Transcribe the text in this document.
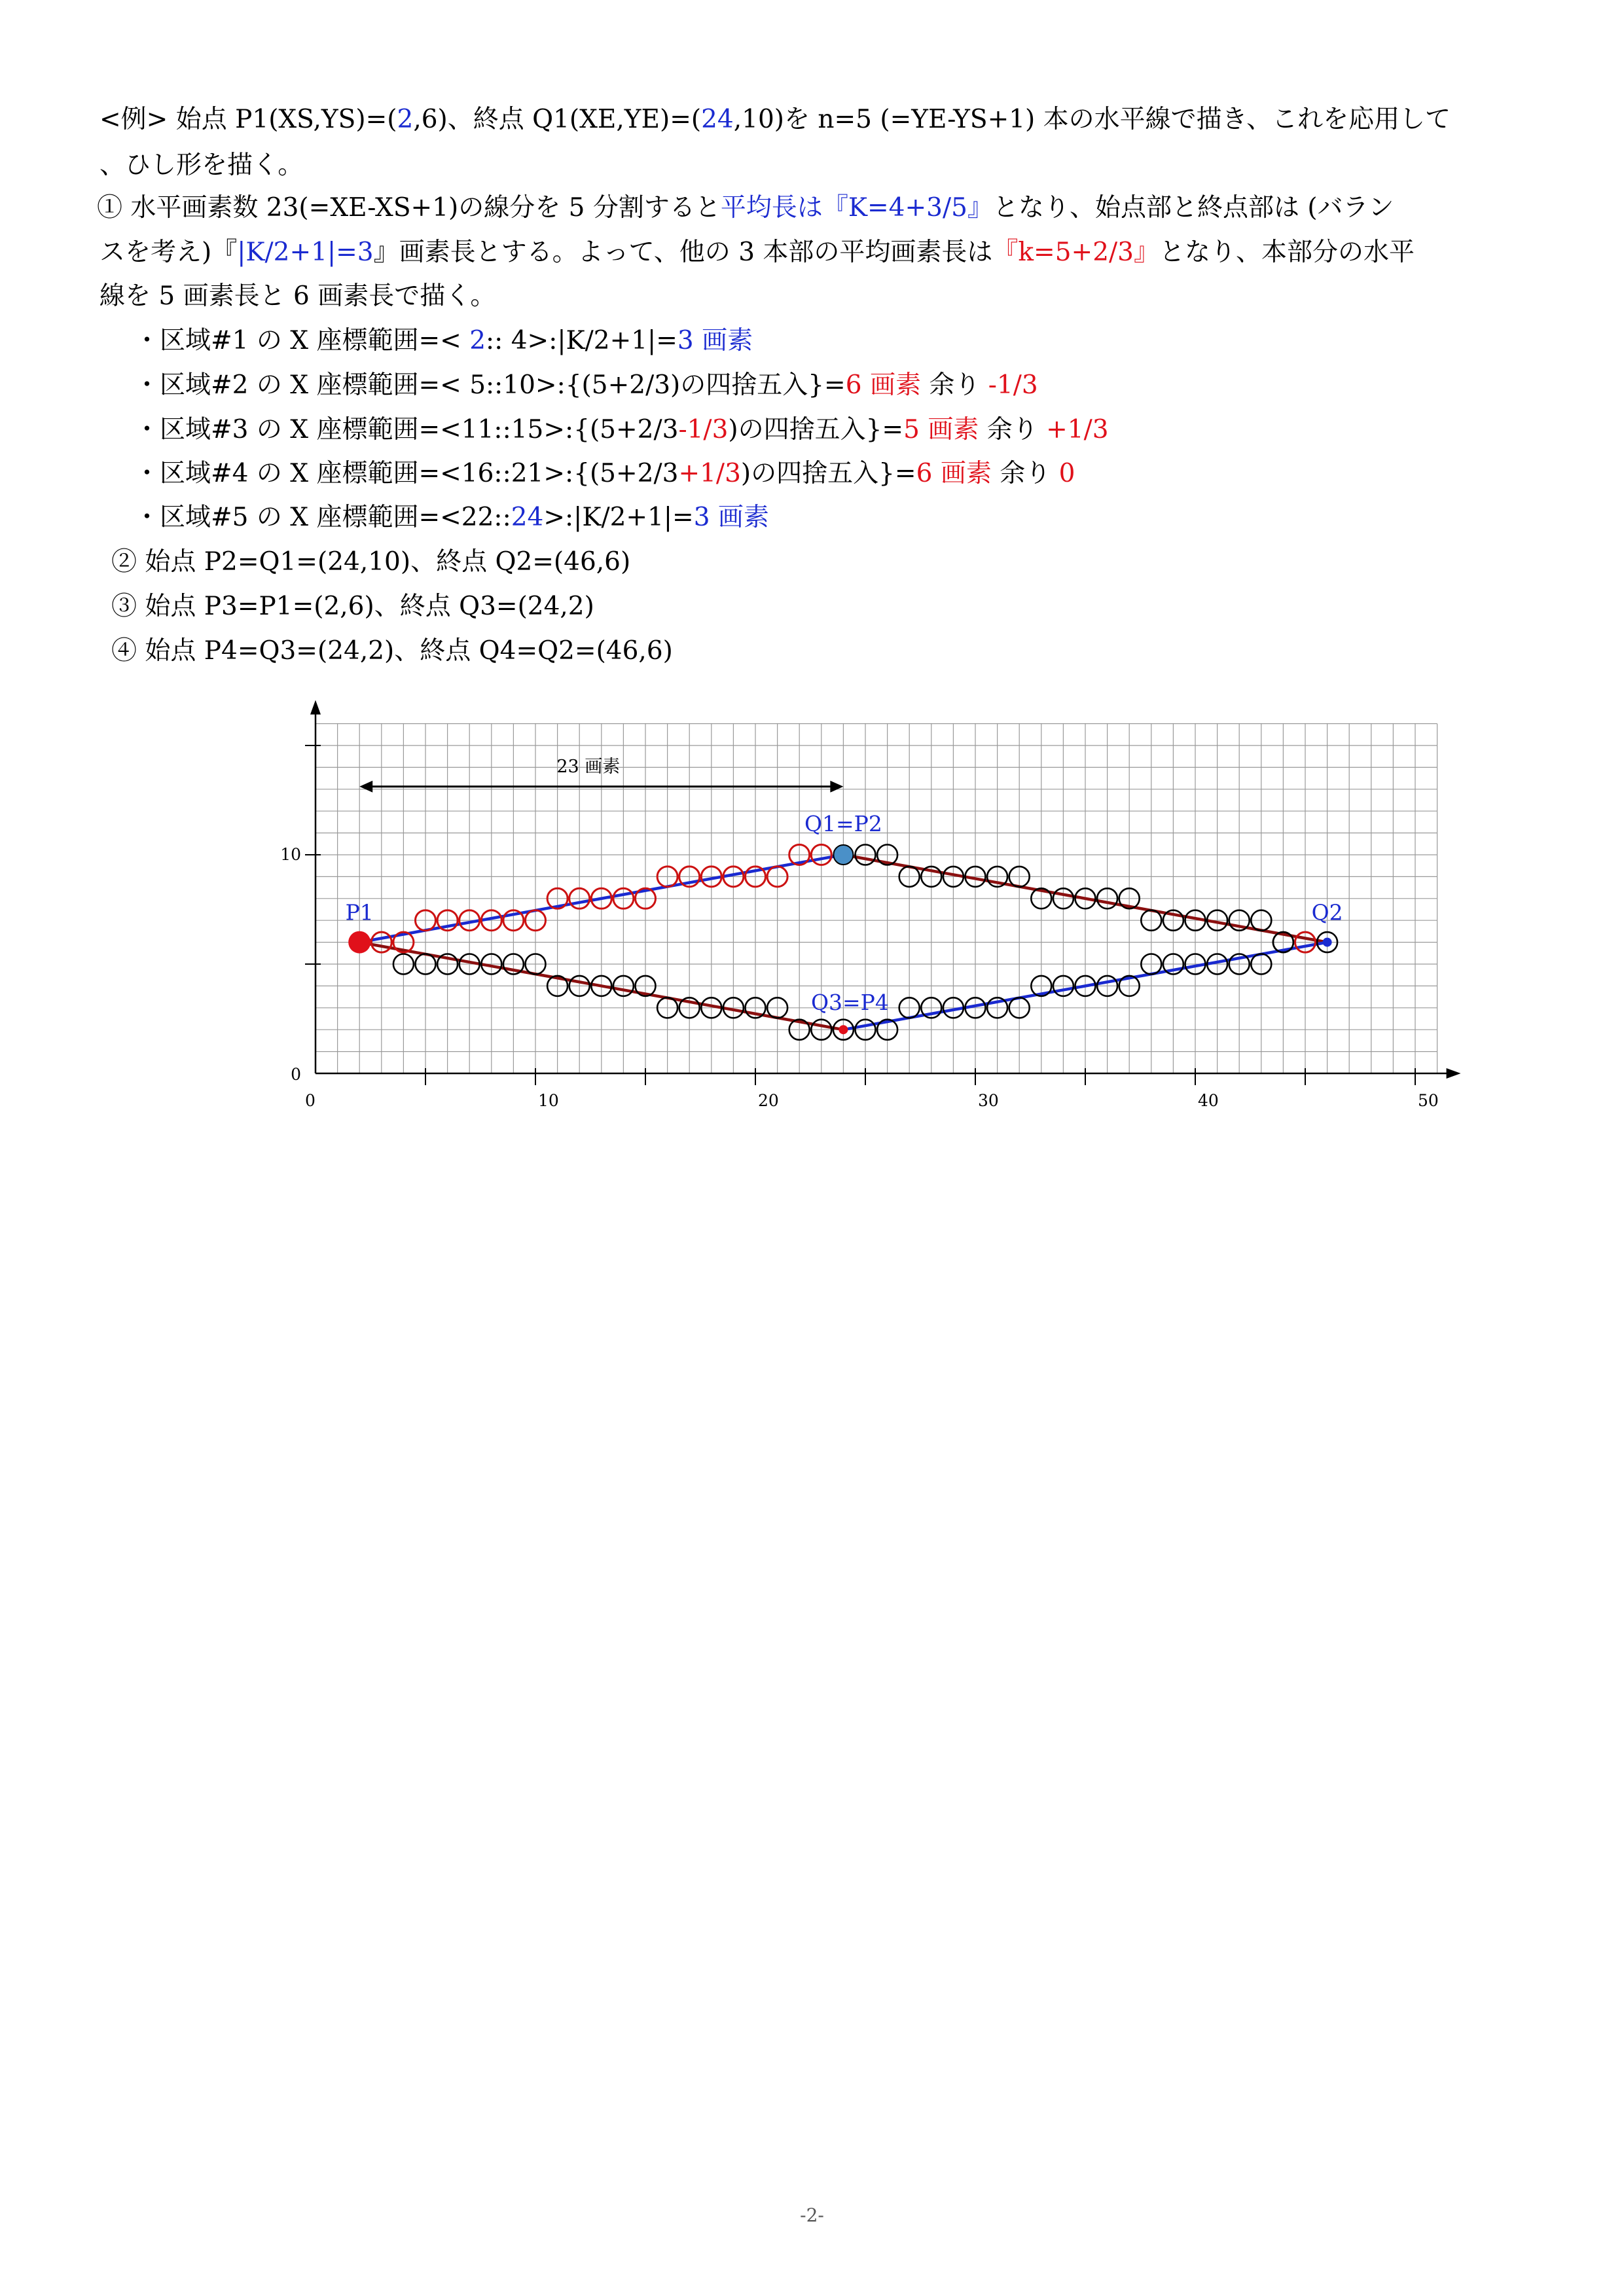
<例> 始点 P1(XS,YS)=(2,6)、終点 Q1(XE,YE)=(24,10)を n=5 (=YE-YS+1) 本の水平線で描き、これを応用して
、ひし形を描く。
① 水平画素数 23(=XE-XS+1)の線分を 5 分割すると平均長は『K=4+3/5』となり、始点部と終点部は (バラン
スを考え)『|K/2+1|=3』画素長とする。よって、他の 3 本部の平均画素長は『k=5+2/3』となり、本部分の水平
線を 5 画素長と 6 画素長で描く。
・区域#1 の X 座標範囲=< 2:: 4>:|K/2+1|=3 画素
・区域#2 の X 座標範囲=< 5::10>:{(5+2/3)の四捨五入}=6 画素 余り -1/3
・区域#3 の X 座標範囲=<11::15>:{(5+2/3-1/3)の四捨五入}=5 画素 余り +1/3
・区域#4 の X 座標範囲=<16::21>:{(5+2/3+1/3)の四捨五入}=6 画素 余り 0
・区域#5 の X 座標範囲=<22::24>:|K/2+1|=3 画素
② 始点 P2=Q1=(24,10)、終点 Q2=(46,6)
③ 始点 P3=P1=(2,6)、終点 Q3=(24,2)
④ 始点 P4=Q3=(24,2)、終点 Q4=Q2=(46,6)
0	10	20	30	40	50
0
10
23 画素
P1
Q1=P2
Q2
Q3=P4
-2-
